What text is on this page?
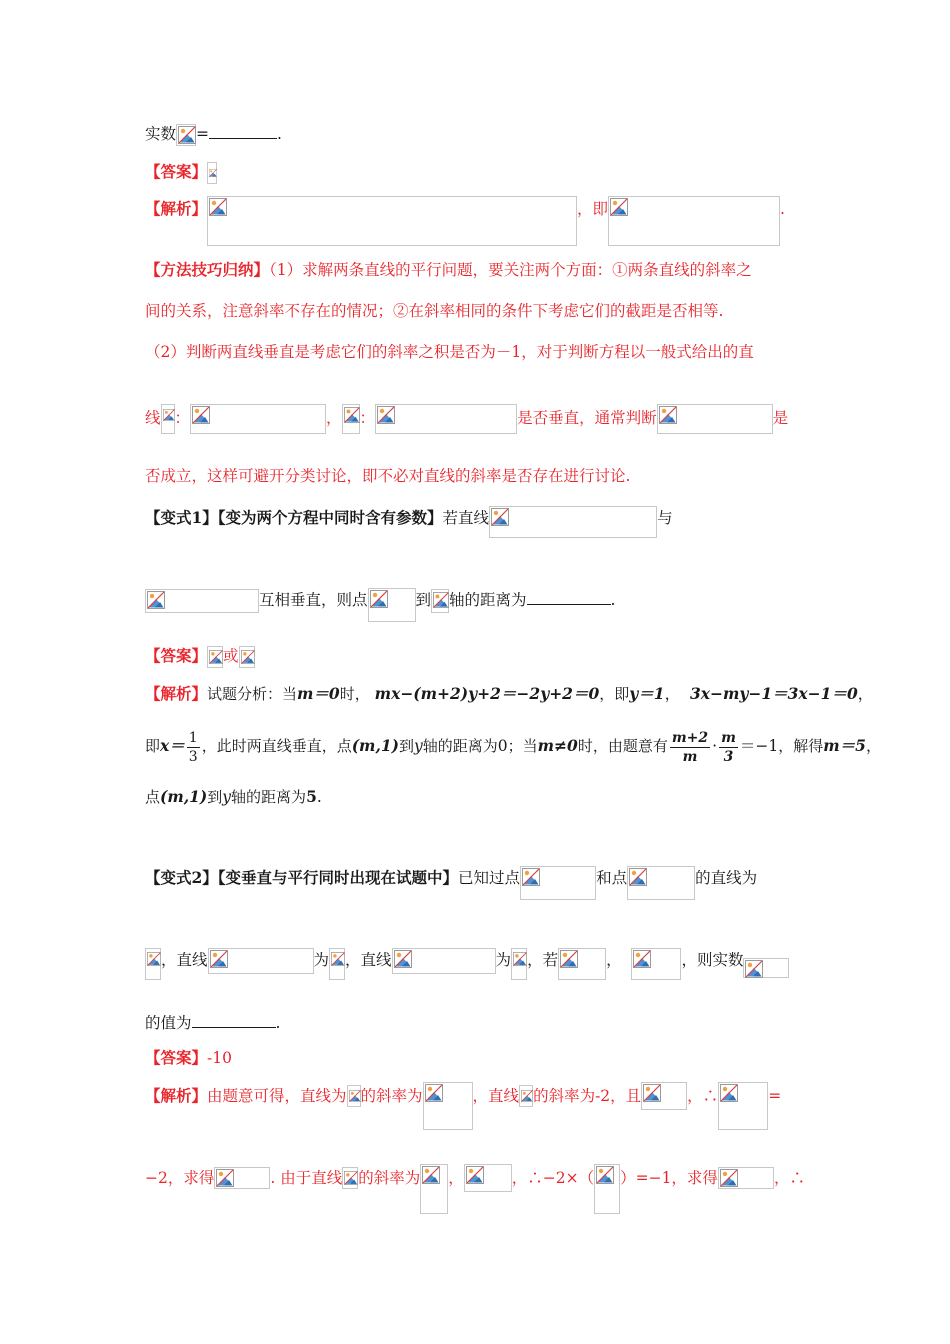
实数 =	.
【答案】
【解析】	，即	.
【方法技巧归纳】（1）求解两条直线的平行问题，要关注两个方面：①两条直线的斜率之
间的关系，注意斜率不存在的情况；②在斜率相同的条件下考虑它们的截距是否相等.
（2）判断两直线垂直是考虑它们的斜率之积是否为－1，对于判断方程以一般式给出的直
线 ：	， ：	是否垂直，通常判断	是
否成立，这样可避开分类讨论，即不必对直线的斜率是否存在进行讨论.
【变式1】【变为两个方程中同时含有参数】若直线	与
互相垂直，则点	到 轴的距离为	.
【答案】 或
【解析】试题分析：当m＝0时， mx−(m+2)y+2＝−2y+2＝0，即y＝1， 3x−my−1＝3x−1＝0，
即$x= \frac{1}{3}$ ，此时两直线垂直，点(m,1)到y轴的距离为0；当m≠0时，由题意有 $\frac{m+2}{m} \cdot \frac{m}{3} =-1$，解得m＝5，
点(m,1)到y轴的距离为5.
【变式2】【变垂直与平行同时出现在试题中】已知过点	和点	的直线为
，直线	为 ，直线	为 ，若	，	，则实数
的值为	.
【答案】-10
【解析】由题意可得，直线为 的斜率为	，直线 的斜率为-2，且	，∴	=
−2，求得	. 由于直线 的斜率为 ，	，∴−2×（ ）=−1，求得	，∴
